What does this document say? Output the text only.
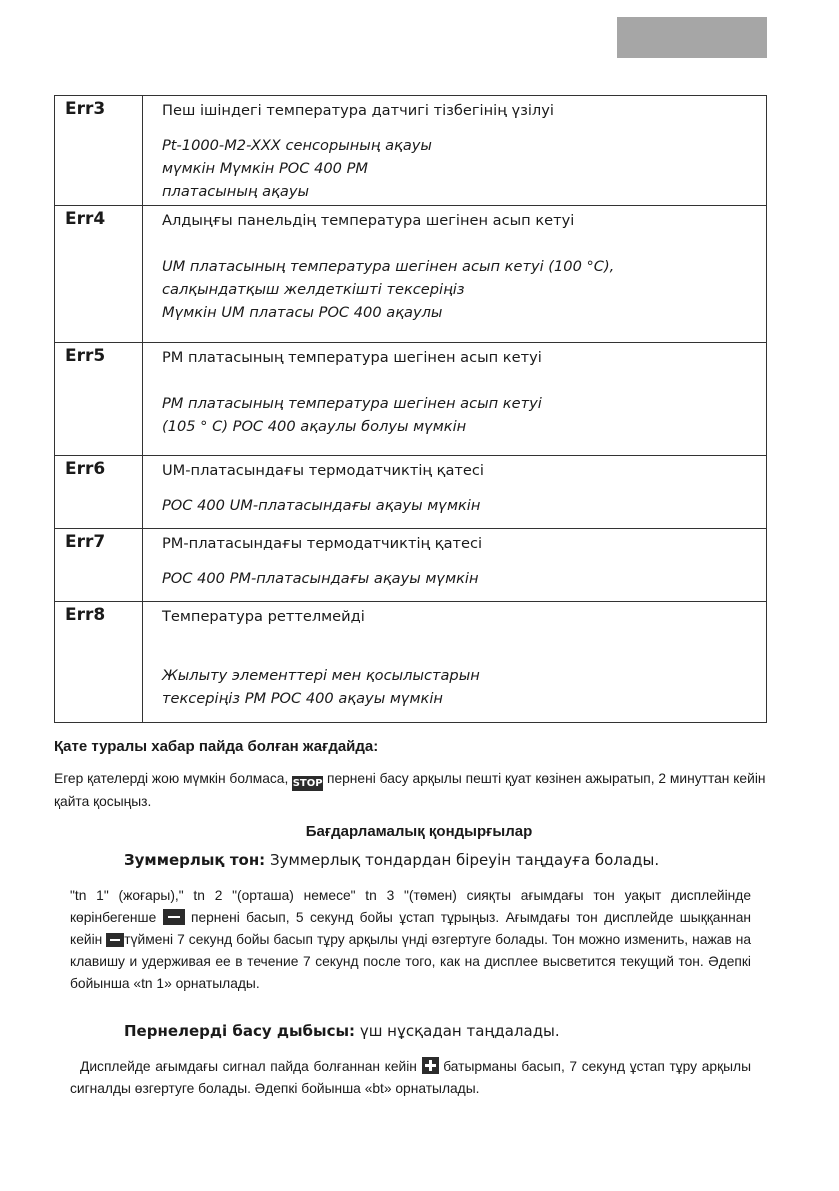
Err3	Пеш ішіндегі температура датчигі тізбегінің үзілуі
Pt-1000-M2-XXX сенсорының ақауы
мүмкін Мүмкін POC 400 PM
платасының ақауы

Err4	Алдыңғы панельдің температура шегінен асып кетуі
UM платасының температура шегінен асып кетуі (100 °C),
салқындатқыш желдеткішті тексеріңіз
Мүмкін UM платасы POC 400 ақаулы

Err5	PM платасының температура шегінен асып кетуі
PM платасының температура шегінен асып кетуі
(105 ° C) POC 400 ақаулы болуы мүмкін

Err6	UM-платасындағы термодатчиктің қатесі
POC 400 UM-платасындағы ақауы мүмкін

Err7	PM-платасындағы термодатчиктің қатесі
POC 400 PM-платасындағы ақауы мүмкін

Err8	Температура реттелмейді
Жылыту элементтері мен қосылыстарын
тексеріңіз PM POC 400 ақауы мүмкін
Қате туралы хабар пайда болған жағдайда:
Егер қателерді жою мүмкін болмаса, STOP пернені басу арқылы пешті қуат көзінен ажыратып, 2 минуттан кейін қайта қосыңыз.
Бағдарламалық қондырғылар
Зуммерлық тон: Зуммерлық тондардан біреуін таңдауға болады.
"tn 1" (жоғары)," tn 2 "(орташа) немесе" tn 3 "(төмен) сияқты ағымдағы тон уақыт дисплейінде көрінбегенше  пернені басып, 5 секунд бойы ұстап тұрыңыз. Ағымдағы тон дисплейде шыққаннан кейін түймені 7 секунд бойы басып тұру арқылы үнді өзгертуге болады. Тон можно изменить, нажав на клавишу и удерживая ее в течение 7 секунд после того, как на дисплее высветится текущий тон. Әдепкі бойынша «tn 1» орнатылады.
Пернелерді басу дыбысы: үш нұсқадан таңдалады.
Дисплейде ағымдағы сигнал пайда болғаннан кейін  батырманы басып, 7 секунд ұстап тұру арқылы сигналды өзгертуге болады. Әдепкі бойынша «bt» орнатылады.
